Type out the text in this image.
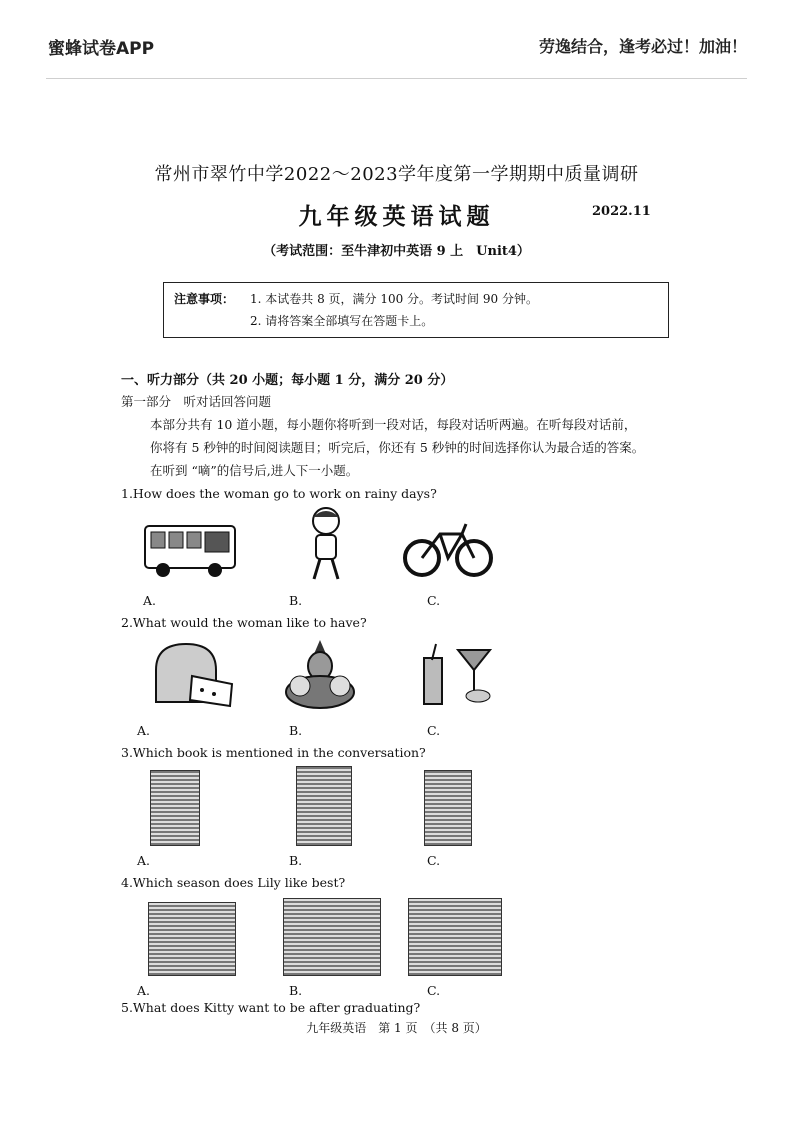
蜜蜂试卷APP	劳逸结合，逢考必过！加油！
常州市翠竹中学2022～2023学年度第一学期期中质量调研
九年级英语试题	2022.11
（考试范围：至牛津初中英语 9 上　Unit4）
注意事项： 1. 本试卷共 8 页，满分 100 分。考试时间 90 分钟。
2. 请将答案全部填写在答题卡上。
一、听力部分（共 20 小题；每小题 1 分，满分 20 分）
第一部分　听对话回答问题
本部分共有 10 道小题，每小题你将听到一段对话，每段对话听两遍。在听每段对话前，
你将有 5 秒钟的时间阅读题目；听完后，你还有 5 秒钟的时间选择你认为最合适的答案。
在听到 “嘀”的信号后,进人下一小题。
1.How does the woman go to work on rainy days?
A.	B.	C.
2.What would the woman like to have?
A.	B.	C.
3.Which book is mentioned in the conversation?
A.	B.	C.
4.Which season does Lily like best?
A.	B.	C.
5.What does Kitty want to be after graduating?
九年级英语　第 1 页　（共 8 页）
